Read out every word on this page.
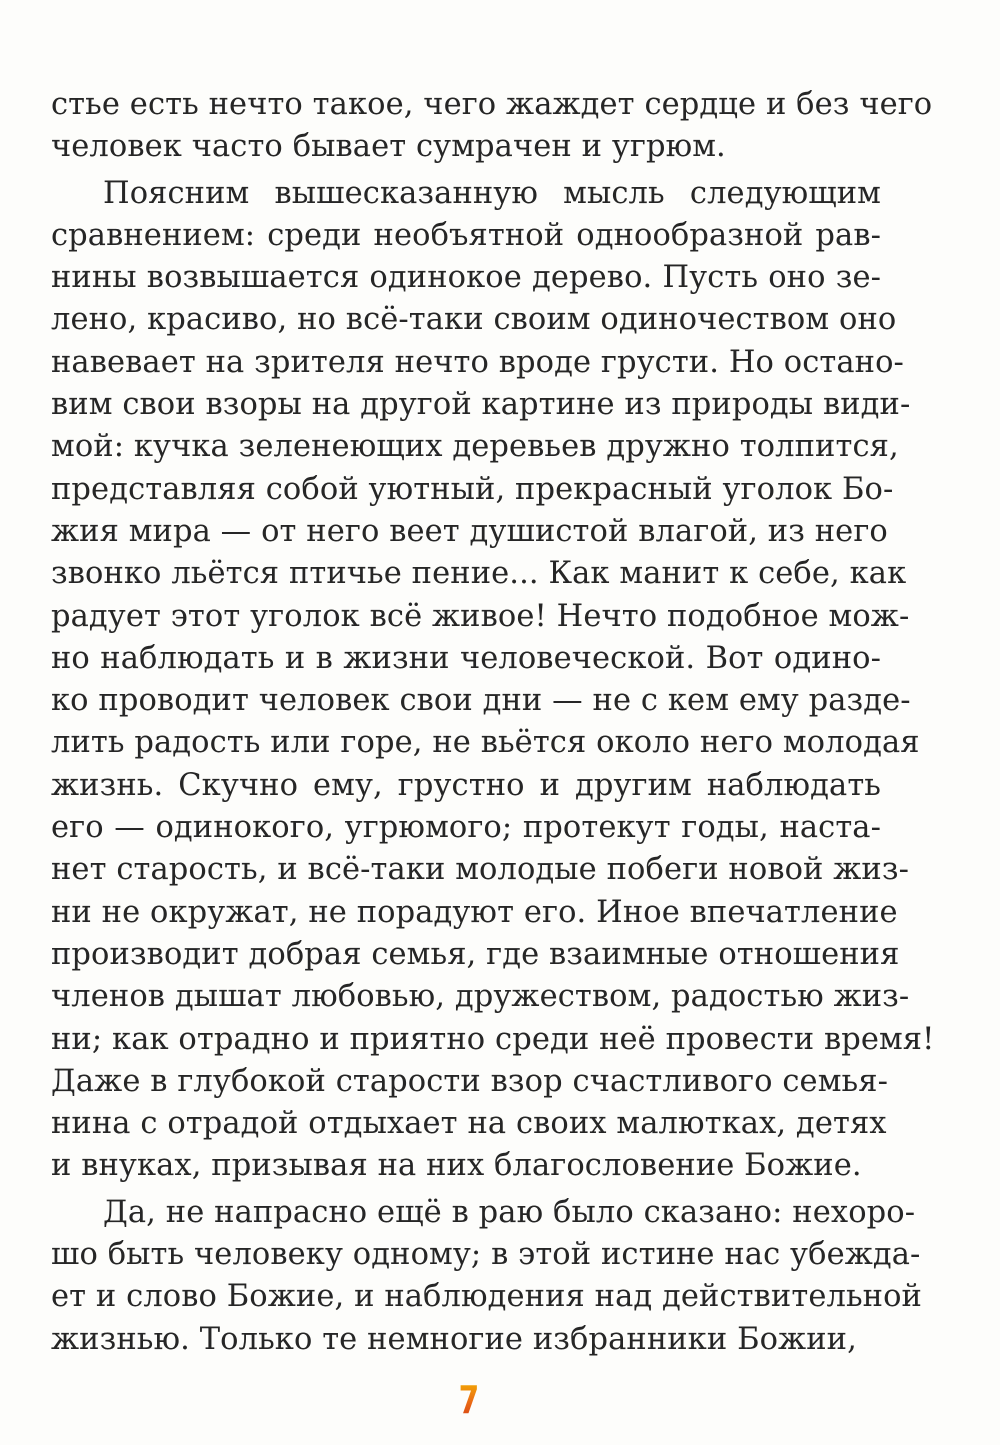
стье есть нечто такое, чего жаждет сердце и без чего
человек часто бывает сумрачен и угрюм.
Поясним вышесказанную мысль следующим
сравнением: среди необъятной однообразной рав-
нины возвышается одинокое дерево. Пусть оно зе-
лено, красиво, но всё-таки своим одиночеством оно
навевает на зрителя нечто вроде грусти. Но остано-
вим свои взоры на другой картине из природы види-
мой: кучка зеленеющих деревьев дружно толпится,
представляя собой уютный, прекрасный уголок Бо-
жия мира — от него веет душистой влагой, из него
звонко льётся птичье пение... Как манит к себе, как
радует этот уголок всё живое! Нечто подобное мож-
но наблюдать и в жизни человеческой. Вот одино-
ко проводит человек свои дни — не с кем ему разде-
лить радость или горе, не вьётся около него молодая
жизнь. Скучно ему, грустно и другим наблюдать
его — одинокого, угрюмого; протекут годы, наста-
нет старость, и всё-таки молодые побеги новой жиз-
ни не окружат, не порадуют его. Иное впечатление
производит добрая семья, где взаимные отношения
членов дышат любовью, дружеством, радостью жиз-
ни; как отрадно и приятно среди неё провести время!
Даже в глубокой старости взор счастливого семья-
нина с отрадой отдыхает на своих малютках, детях
и внуках, призывая на них благословение Божие.
Да, не напрасно ещё в раю было сказано: нехоро-
шо быть человеку одному; в этой истине нас убеждa-
ет и слово Божие, и наблюдения над действительной
жизнью. Только те немногие избранники Божии,
7
